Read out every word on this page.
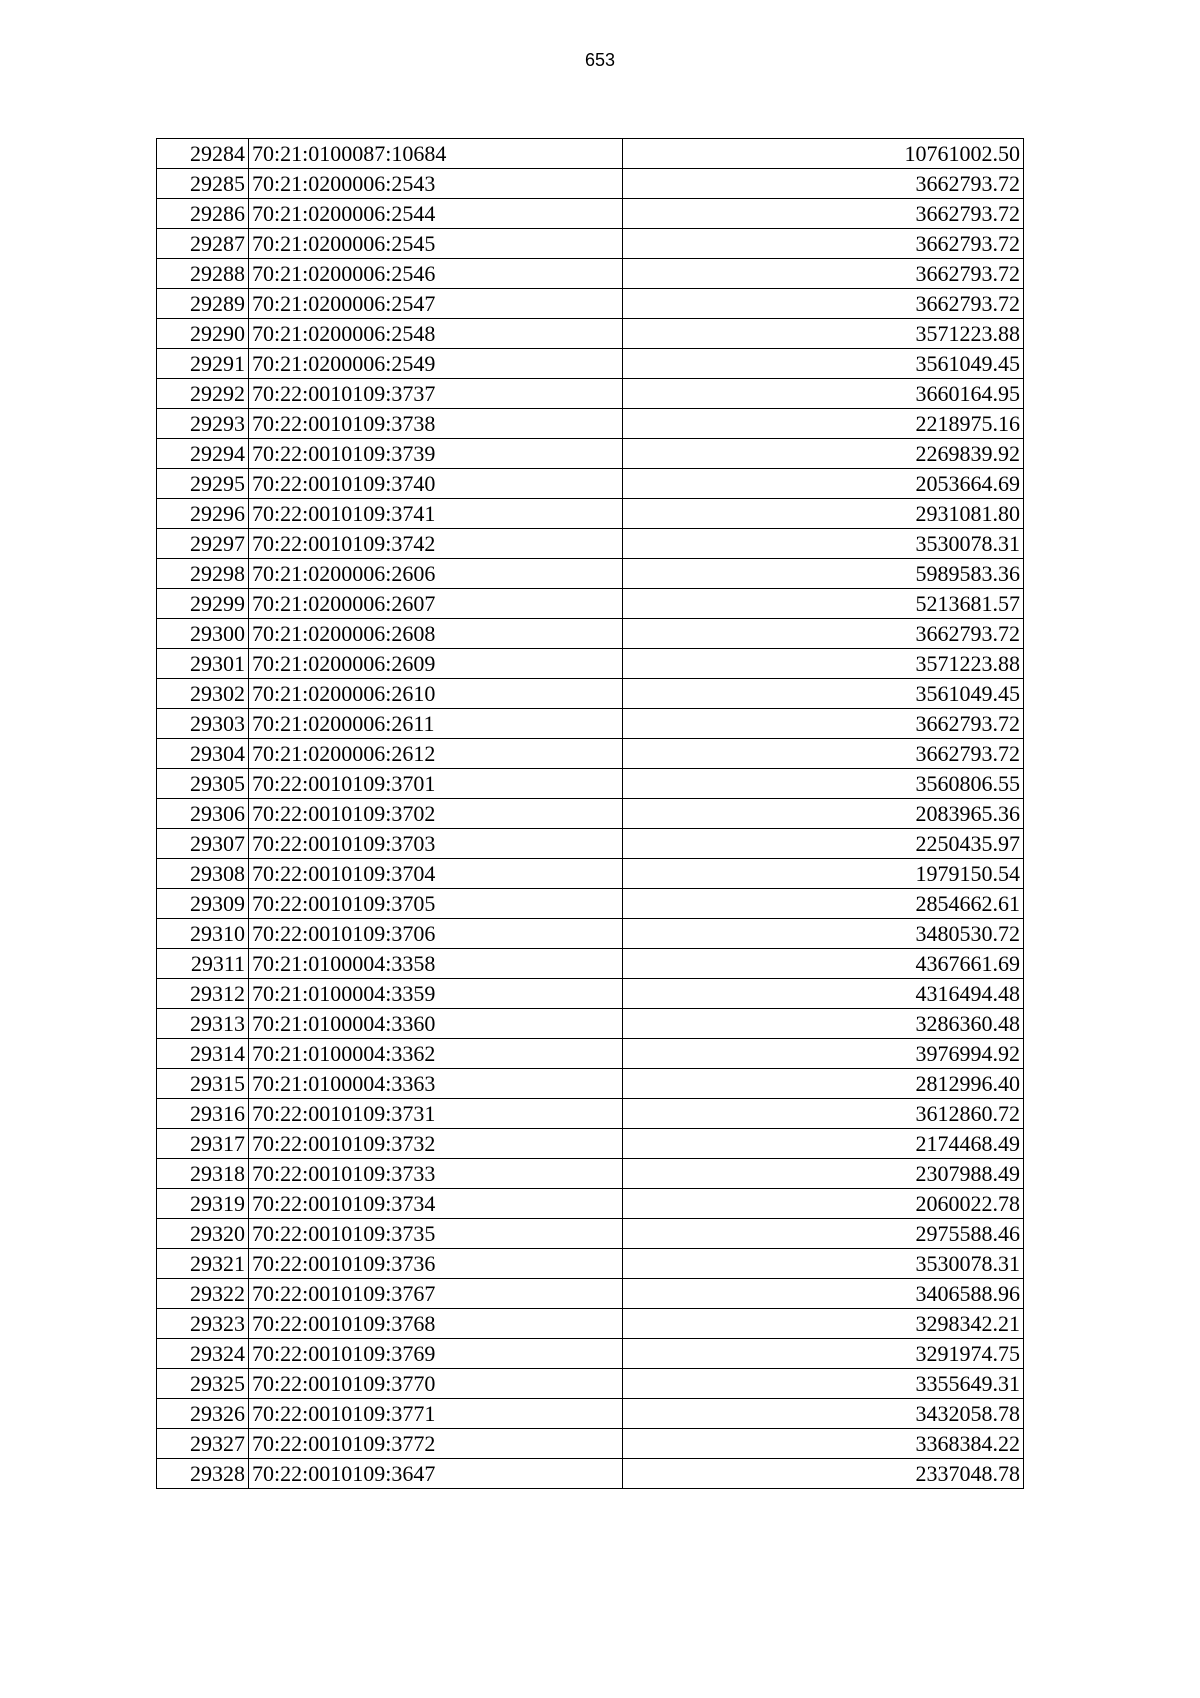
653
29284	70:21:0100087:10684	10761002.50
29285	70:21:0200006:2543	3662793.72
29286	70:21:0200006:2544	3662793.72
29287	70:21:0200006:2545	3662793.72
29288	70:21:0200006:2546	3662793.72
29289	70:21:0200006:2547	3662793.72
29290	70:21:0200006:2548	3571223.88
29291	70:21:0200006:2549	3561049.45
29292	70:22:0010109:3737	3660164.95
29293	70:22:0010109:3738	2218975.16
29294	70:22:0010109:3739	2269839.92
29295	70:22:0010109:3740	2053664.69
29296	70:22:0010109:3741	2931081.80
29297	70:22:0010109:3742	3530078.31
29298	70:21:0200006:2606	5989583.36
29299	70:21:0200006:2607	5213681.57
29300	70:21:0200006:2608	3662793.72
29301	70:21:0200006:2609	3571223.88
29302	70:21:0200006:2610	3561049.45
29303	70:21:0200006:2611	3662793.72
29304	70:21:0200006:2612	3662793.72
29305	70:22:0010109:3701	3560806.55
29306	70:22:0010109:3702	2083965.36
29307	70:22:0010109:3703	2250435.97
29308	70:22:0010109:3704	1979150.54
29309	70:22:0010109:3705	2854662.61
29310	70:22:0010109:3706	3480530.72
29311	70:21:0100004:3358	4367661.69
29312	70:21:0100004:3359	4316494.48
29313	70:21:0100004:3360	3286360.48
29314	70:21:0100004:3362	3976994.92
29315	70:21:0100004:3363	2812996.40
29316	70:22:0010109:3731	3612860.72
29317	70:22:0010109:3732	2174468.49
29318	70:22:0010109:3733	2307988.49
29319	70:22:0010109:3734	2060022.78
29320	70:22:0010109:3735	2975588.46
29321	70:22:0010109:3736	3530078.31
29322	70:22:0010109:3767	3406588.96
29323	70:22:0010109:3768	3298342.21
29324	70:22:0010109:3769	3291974.75
29325	70:22:0010109:3770	3355649.31
29326	70:22:0010109:3771	3432058.78
29327	70:22:0010109:3772	3368384.22
29328	70:22:0010109:3647	2337048.78
